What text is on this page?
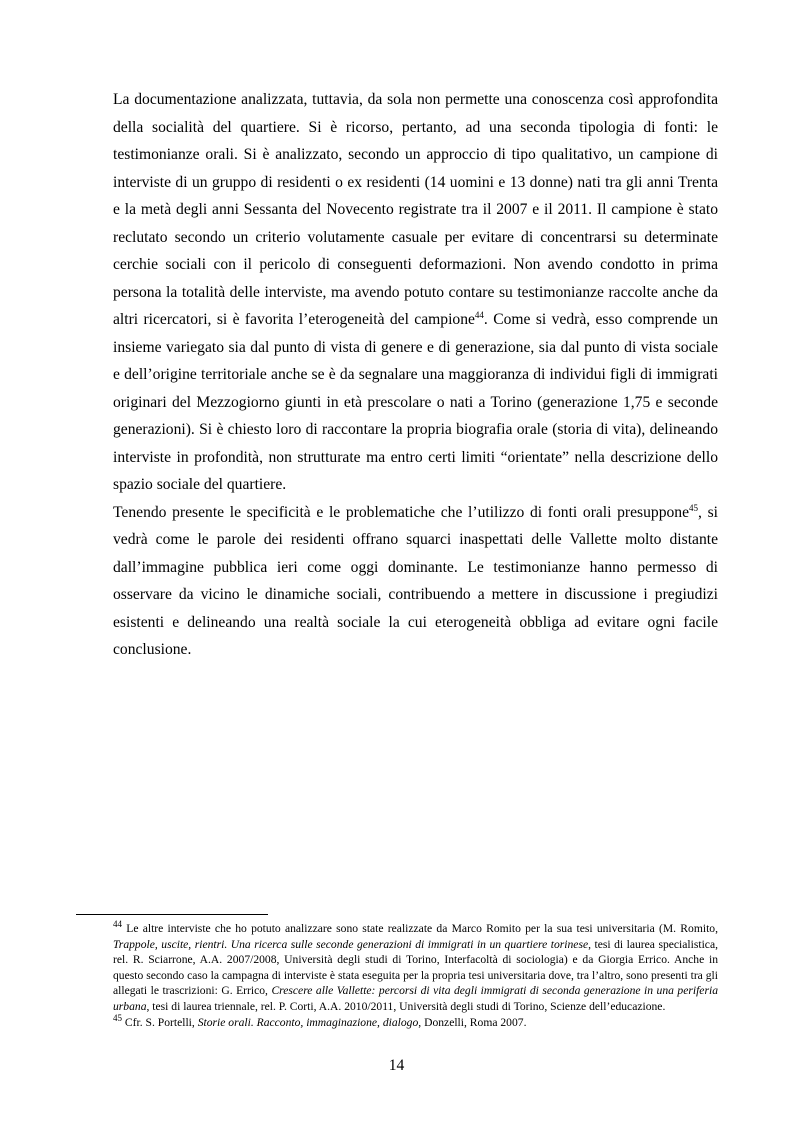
La documentazione analizzata, tuttavia, da sola non permette una conoscenza così approfondita della socialità del quartiere. Si è ricorso, pertanto, ad una seconda tipologia di fonti: le testimonianze orali. Si è analizzato, secondo un approccio di tipo qualitativo, un campione di interviste di un gruppo di residenti o ex residenti (14 uomini e 13 donne) nati tra gli anni Trenta e la metà degli anni Sessanta del Novecento registrate tra il 2007 e il 2011. Il campione è stato reclutato secondo un criterio volutamente casuale per evitare di concentrarsi su determinate cerchie sociali con il pericolo di conseguenti deformazioni. Non avendo condotto in prima persona la totalità delle interviste, ma avendo potuto contare su testimonianze raccolte anche da altri ricercatori, si è favorita l’eterogeneità del campione$^{44}$. Come si vedrà, esso comprende un insieme variegato sia dal punto di vista di genere e di generazione, sia dal punto di vista sociale e dell’origine territoriale anche se è da segnalare una maggioranza di individui figli di immigrati originari del Mezzogiorno giunti in età prescolare o nati a Torino (generazione 1,75 e seconde generazioni). Si è chiesto loro di raccontare la propria biografia orale (storia di vita), delineando interviste in profondità, non strutturate ma entro certi limiti “orientate” nella descrizione dello spazio sociale del quartiere.

Tenendo presente le specificità e le problematiche che l’utilizzo di fonti orali presuppone$^{45}$, si vedrà come le parole dei residenti offrano squarci inaspettati delle Vallette molto distante dall’immagine pubblica ieri come oggi dominante. Le testimonianze hanno permesso di osservare da vicino le dinamiche sociali, contribuendo a mettere in discussione i pregiudizi esistenti e delineando una realtà sociale la cui eterogeneità obbliga ad evitare ogni facile conclusione.

$^{44}$ Le altre interviste che ho potuto analizzare sono state realizzate da Marco Romito per la sua tesi universitaria (M. Romito, Trappole, uscite, rientri. Una ricerca sulle seconde generazioni di immigrati in un quartiere torinese, tesi di laurea specialistica, rel. R. Sciarrone, A.A. 2007/2008, Università degli studi di Torino, Interfacoltà di sociologia) e da Giorgia Errico. Anche in questo secondo caso la campagna di interviste è stata eseguita per la propria tesi universitaria dove, tra l’altro, sono presenti tra gli allegati le trascrizioni: G. Errico, Crescere alle Vallette: percorsi di vita degli immigrati di seconda generazione in una periferia urbana, tesi di laurea triennale, rel. P. Corti, A.A. 2010/2011, Università degli studi di Torino, Scienze dell’educazione.

$^{45}$ Cfr. S. Portelli, Storie orali. Racconto, immaginazione, dialogo, Donzelli, Roma 2007.

14
